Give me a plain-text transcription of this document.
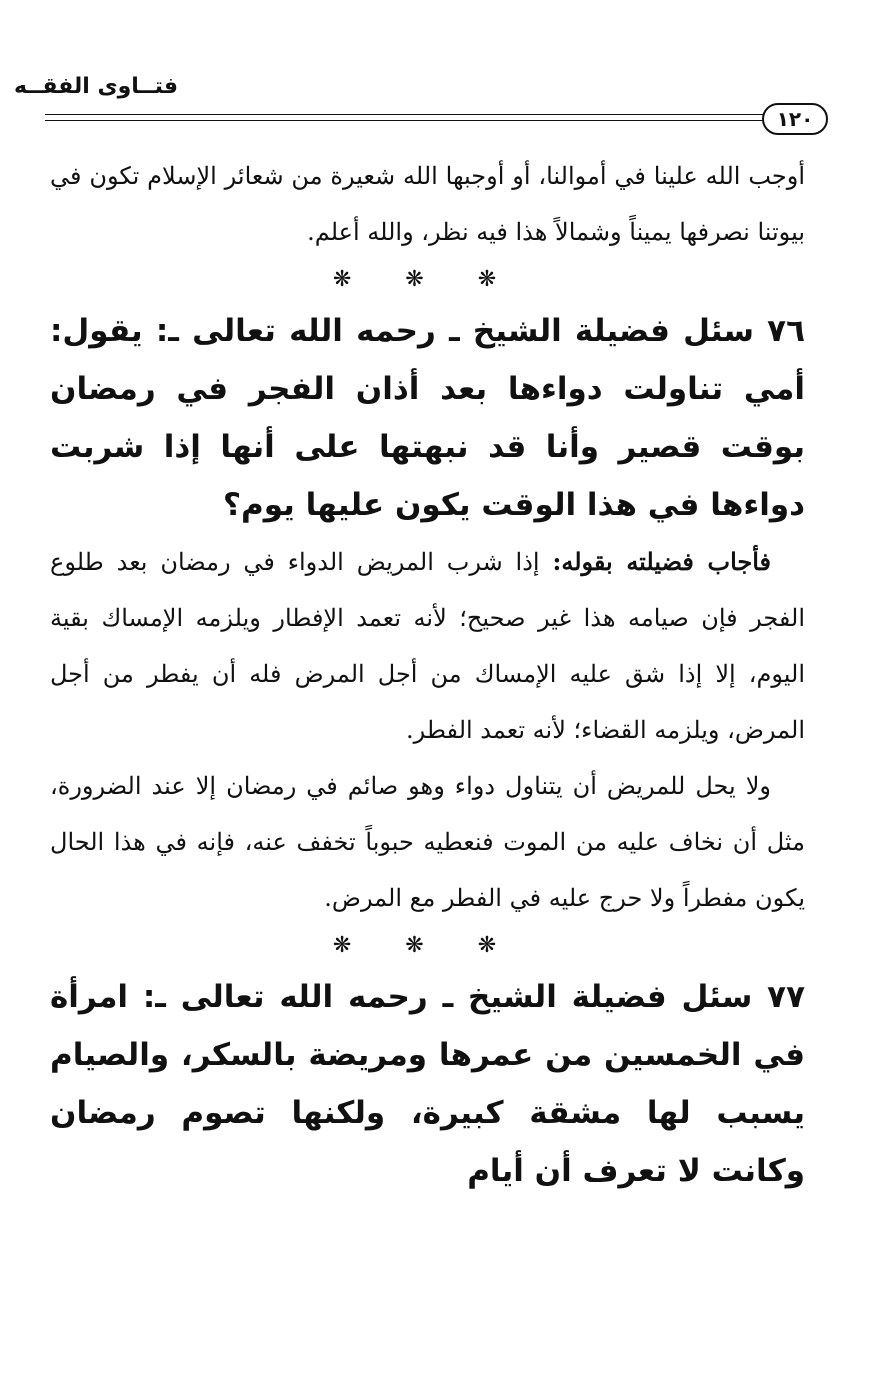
فتــاوى الفقــه
١٢٠

أوجب الله علينا في أموالنا، أو أوجبها الله شعيرة من شعائر الإسلام تكون في بيوتنا نصرفها يميناً وشمالاً هذا فيه نظر، والله أعلم.

❋❋❋

٧٦ سئل فضيلة الشيخ ـ رحمه الله تعالى ـ: يقول: أمي تناولت دواءها بعد أذان الفجر في رمضان بوقت قصير وأنا قد نبهتها على أنها إذا شربت دواءها في هذا الوقت يكون عليها يوم؟

فأجاب فضيلته بقوله: إذا شرب المريض الدواء في رمضان بعد طلوع الفجر فإن صيامه هذا غير صحيح؛ لأنه تعمد الإفطار ويلزمه الإمساك بقية اليوم، إلا إذا شق عليه الإمساك من أجل المرض فله أن يفطر من أجل المرض، ويلزمه القضاء؛ لأنه تعمد الفطر.

ولا يحل للمريض أن يتناول دواء وهو صائم في رمضان إلا عند الضرورة، مثل أن نخاف عليه من الموت فنعطيه حبوباً تخفف عنه، فإنه في هذا الحال يكون مفطراً ولا حرج عليه في الفطر مع المرض.

❋❋❋

٧٧ سئل فضيلة الشيخ ـ رحمه الله تعالى ـ: امرأة في الخمسين من عمرها ومريضة بالسكر، والصيام يسبب لها مشقة كبيرة، ولكنها تصوم رمضان وكانت لا تعرف أن أيام
